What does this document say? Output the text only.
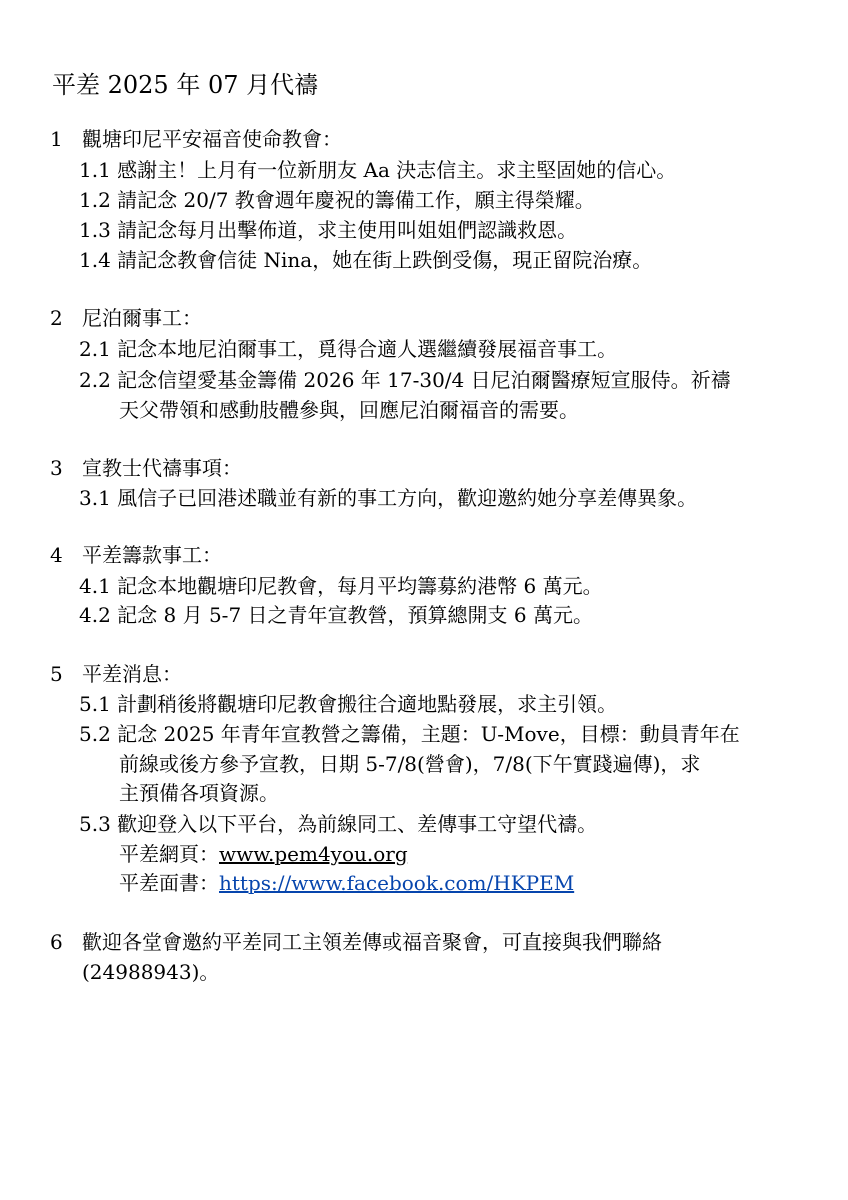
平差 2025 年 07 月代禱
1 觀塘印尼平安福音使命教會：
1.1 感謝主！上月有一位新朋友 Aa 決志信主。求主堅固她的信心。
1.2 請記念 20/7 教會週年慶祝的籌備工作，願主得榮耀。
1.3 請記念每月出擊佈道，求主使用叫姐姐們認識救恩。
1.4 請記念教會信徒 Nina，她在街上跌倒受傷，現正留院治療。
2 尼泊爾事工：
2.1 記念本地尼泊爾事工，覓得合適人選繼續發展福音事工。
2.2 記念信望愛基金籌備 2026 年 17-30/4 日尼泊爾醫療短宣服侍。祈禱
天父帶領和感動肢體參與，回應尼泊爾福音的需要。
3 宣教士代禱事項：
3.1 風信子已回港述職並有新的事工方向，歡迎邀約她分享差傳異象。
4 平差籌款事工：
4.1 記念本地觀塘印尼教會，每月平均籌募約港幣 6 萬元。
4.2 記念 8 月 5-7 日之青年宣教營，預算總開支 6 萬元。
5 平差消息：
5.1 計劃稍後將觀塘印尼教會搬往合適地點發展，求主引領。
5.2 記念 2025 年青年宣教營之籌備，主題：U-Move，目標：動員青年在
前線或後方參予宣教，日期 5-7/8(營會)，7/8(下午實踐遍傳)，求
主預備各項資源。
5.3 歡迎登入以下平台，為前線同工、差傳事工守望代禱。
平差網頁：www.pem4you.org
平差面書：https://www.facebook.com/HKPEM
6 歡迎各堂會邀約平差同工主領差傳或福音聚會，可直接與我們聯絡
(24988943)。
